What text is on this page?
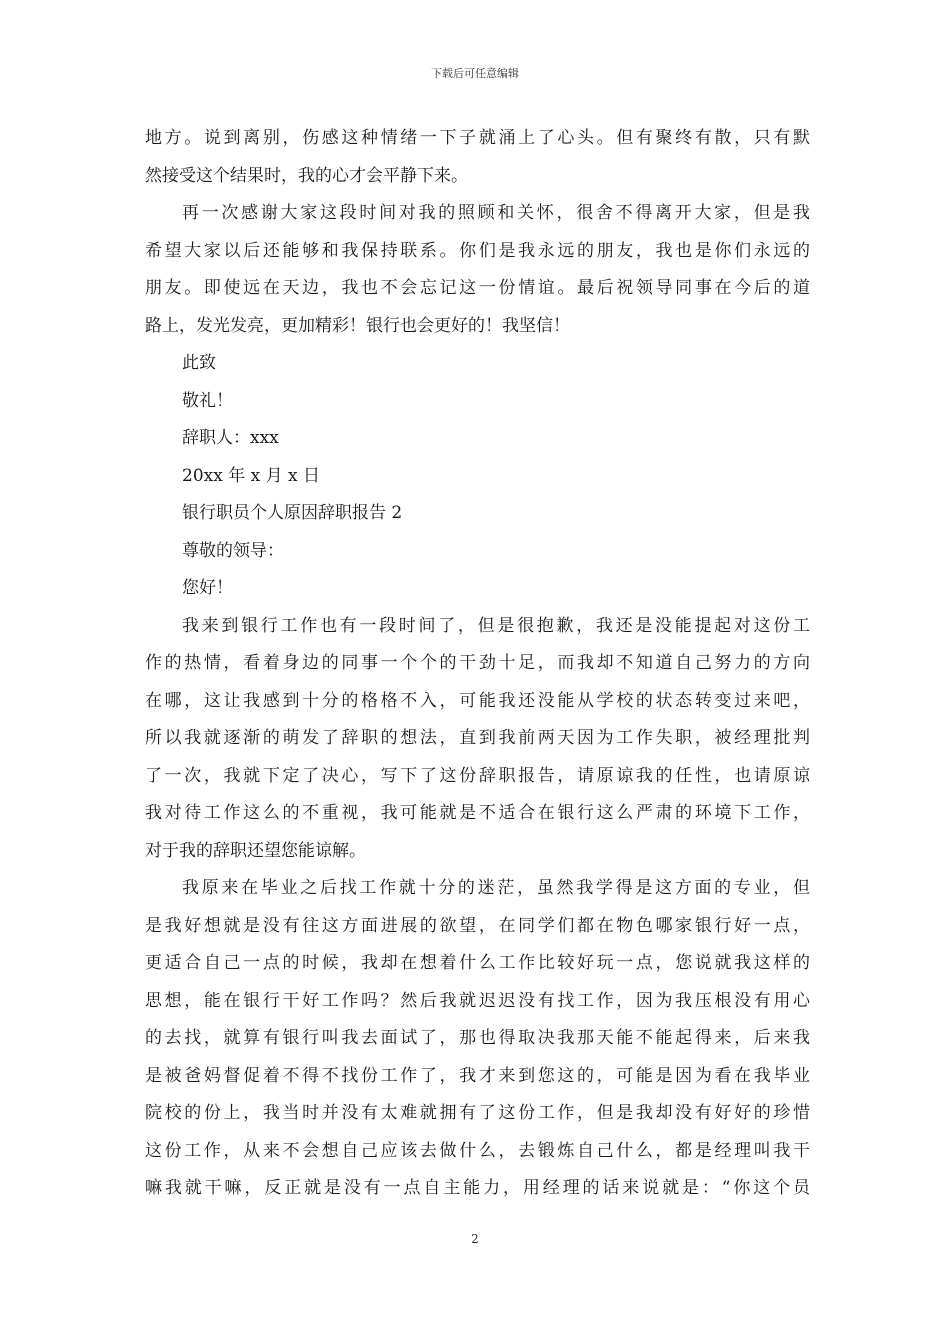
下载后可任意编辑
地方。说到离别，伤感这种情绪一下子就涌上了心头。但有聚终有散，只有默
然接受这个结果时，我的心才会平静下来。
再一次感谢大家这段时间对我的照顾和关怀，很舍不得离开大家，但是我
希望大家以后还能够和我保持联系。你们是我永远的朋友，我也是你们永远的
朋友。即使远在天边，我也不会忘记这一份情谊。最后祝领导同事在今后的道
路上，发光发亮，更加精彩！银行也会更好的！我坚信！
此致
敬礼！
辞职人：xxx
20xx 年 x 月 x 日
银行职员个人原因辞职报告 2
尊敬的领导：
您好！
我来到银行工作也有一段时间了，但是很抱歉，我还是没能提起对这份工
作的热情，看着身边的同事一个个的干劲十足，而我却不知道自己努力的方向
在哪，这让我感到十分的格格不入，可能我还没能从学校的状态转变过来吧，
所以我就逐渐的萌发了辞职的想法，直到我前两天因为工作失职，被经理批判
了一次，我就下定了决心，写下了这份辞职报告，请原谅我的任性，也请原谅
我对待工作这么的不重视，我可能就是不适合在银行这么严肃的环境下工作，
对于我的辞职还望您能谅解。
我原来在毕业之后找工作就十分的迷茫，虽然我学得是这方面的专业，但
是我好想就是没有往这方面进展的欲望，在同学们都在物色哪家银行好一点，
更适合自己一点的时候，我却在想着什么工作比较好玩一点，您说就我这样的
思想，能在银行干好工作吗？然后我就迟迟没有找工作，因为我压根没有用心
的去找，就算有银行叫我去面试了，那也得取决我那天能不能起得来，后来我
是被爸妈督促着不得不找份工作了，我才来到您这的，可能是因为看在我毕业
院校的份上，我当时并没有太难就拥有了这份工作，但是我却没有好好的珍惜
这份工作，从来不会想自己应该去做什么，去锻炼自己什么，都是经理叫我干
嘛我就干嘛，反正就是没有一点自主能力，用经理的话来说就是：“你这个员
2
